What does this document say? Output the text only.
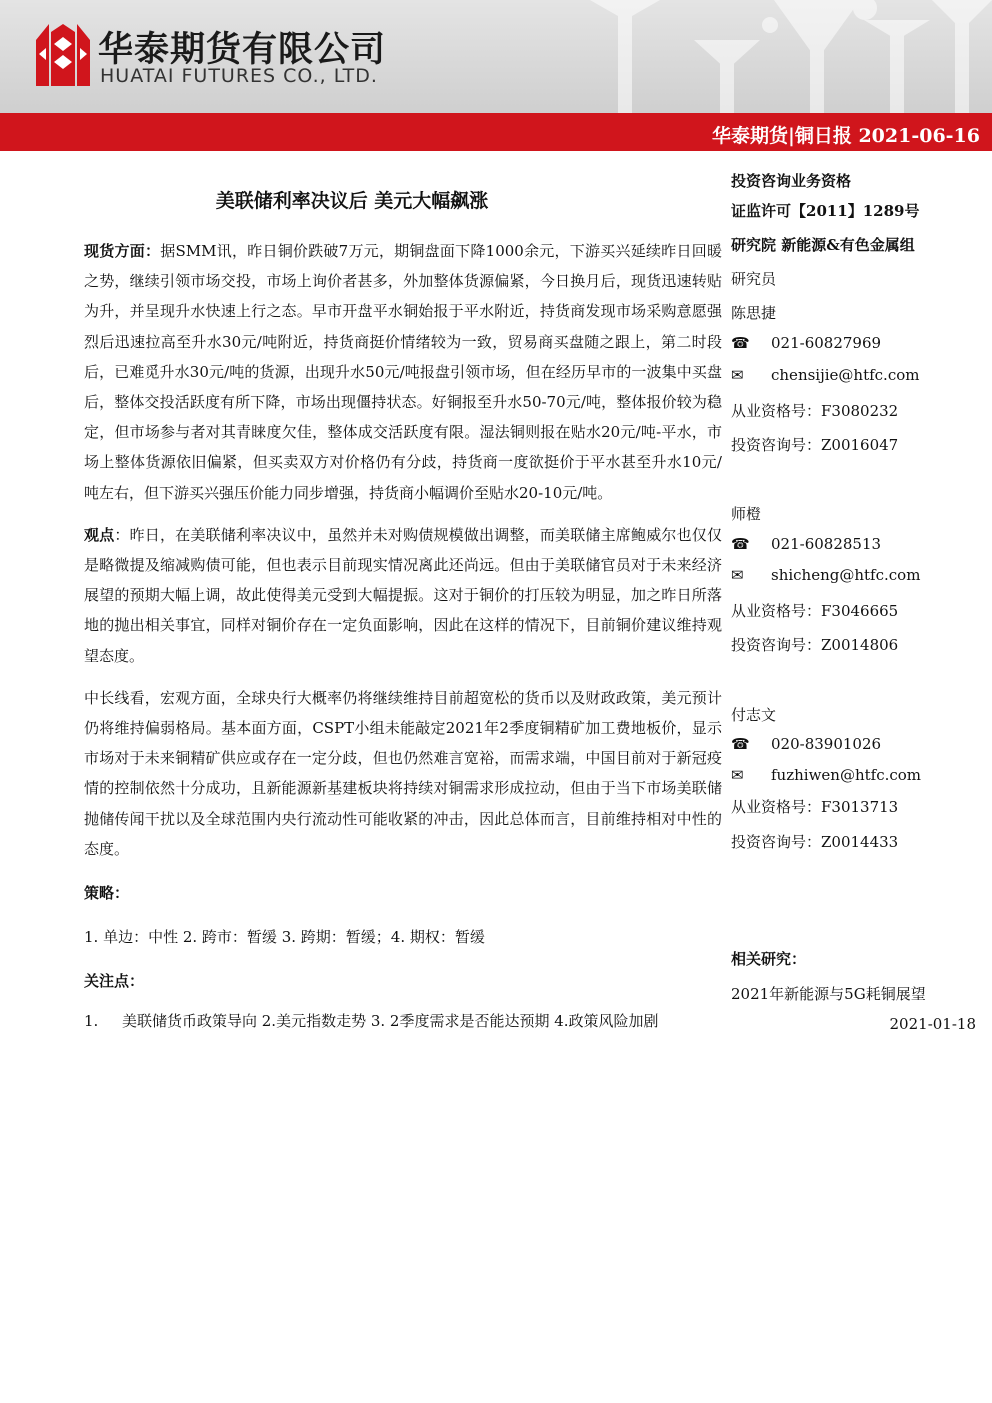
华泰期货有限公司
HUATAI FUTURES CO., LTD.
华泰期货|铜日报 2021-06-16
美联储利率决议后 美元大幅飙涨

现货方面：据SMM讯，昨日铜价跌破7万元，期铜盘面下降1000余元，下游买兴延续昨日回暖之势，继续引领市场交投，市场上询价者甚多，外加整体货源偏紧，今日换月后，现货迅速转贴为升，并呈现升水快速上行之态。早市开盘平水铜始报于平水附近，持货商发现市场采购意愿强烈后迅速拉高至升水30元/吨附近，持货商挺价情绪较为一致，贸易商买盘随之跟上，第二时段后，已难觅升水30元/吨的货源，出现升水50元/吨报盘引领市场，但在经历早市的一波集中买盘后，整体交投活跃度有所下降，市场出现僵持状态。好铜报至升水50-70元/吨，整体报价较为稳定，但市场参与者对其青睐度欠佳，整体成交活跃度有限。湿法铜则报在贴水20元/吨-平水，市场上整体货源依旧偏紧，但买卖双方对价格仍有分歧，持货商一度欲挺价于平水甚至升水10元/吨左右，但下游买兴强压价能力同步增强，持货商小幅调价至贴水20-10元/吨。

观点：昨日，在美联储利率决议中，虽然并未对购债规模做出调整，而美联储主席鲍威尔也仅仅是略微提及缩减购债可能，但也表示目前现实情况离此还尚远。但由于美联储官员对于未来经济展望的预期大幅上调，故此使得美元受到大幅提振。这对于铜价的打压较为明显，加之昨日所落地的抛出相关事宜，同样对铜价存在一定负面影响，因此在这样的情况下，目前铜价建议维持观望态度。

中长线看，宏观方面，全球央行大概率仍将继续维持目前超宽松的货币以及财政政策，美元预计仍将维持偏弱格局。基本面方面，CSPT小组未能敲定2021年2季度铜精矿加工费地板价，显示市场对于未来铜精矿供应或存在一定分歧，但也仍然难言宽裕，而需求端，中国目前对于新冠疫情的控制依然十分成功，且新能源新基建板块将持续对铜需求形成拉动，但由于当下市场美联储抛储传闻干扰以及全球范围内央行流动性可能收紧的冲击，因此总体而言，目前维持相对中性的态度。

策略：
1. 单边：中性 2. 跨市：暂缓 3. 跨期：暂缓；4. 期权：暂缓
关注点：
1. 美联储货币政策导向 2.美元指数走势 3. 2季度需求是否能达预期 4.政策风险加剧
投资咨询业务资格
证监许可【2011】1289号
研究院 新能源&有色金属组
研究员
陈思捷
☎ 021-60827969
✉ chensijie@htfc.com
从业资格号：F3080232
投资咨询号：Z0016047
师橙
☎ 021-60828513
✉ shicheng@htfc.com
从业资格号：F3046665
投资咨询号：Z0014806
付志文
☎ 020-83901026
✉ fuzhiwen@htfc.com
从业资格号：F3013713
投资咨询号：Z0014433
相关研究：
2021年新能源与5G耗铜展望
2021-01-18
